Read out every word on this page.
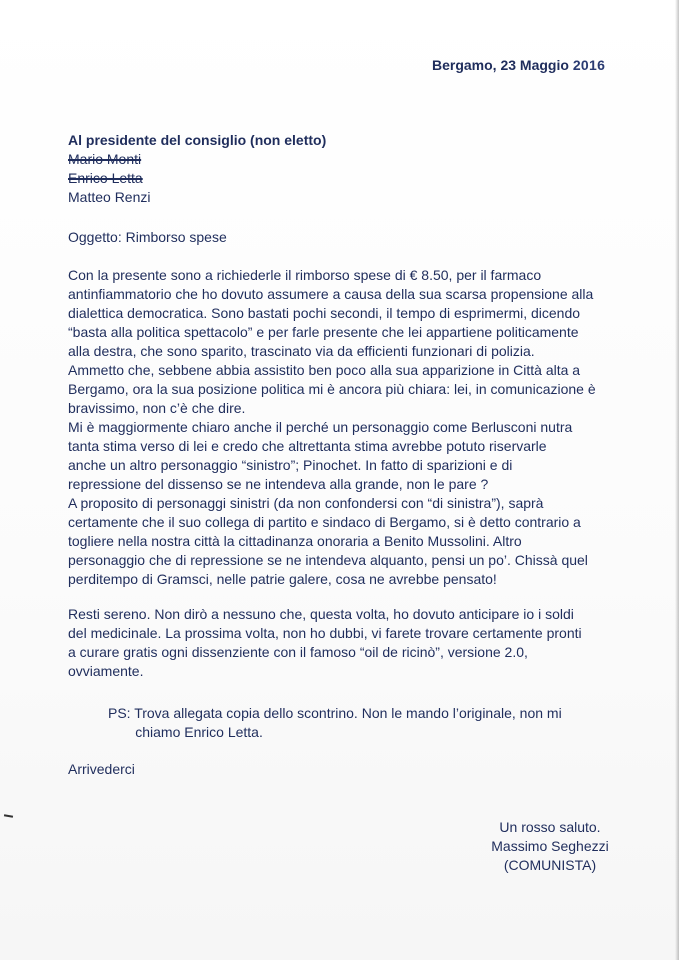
Bergamo, 23 Maggio 2016
Al presidente del consiglio (non eletto)
Mario Monti
Enrico Letta
Matteo Renzi
Oggetto: Rimborso spese
Con la presente sono a richiederle il rimborso spese di € 8.50, per il farmaco
antinfiammatorio che ho dovuto assumere a causa della sua scarsa propensione alla
dialettica democratica. Sono bastati pochi secondi, il tempo di esprimermi, dicendo
“basta alla politica spettacolo” e per farle presente che lei appartiene politicamente
alla destra, che sono sparito, trascinato via da efficienti funzionari di polizia.
Ammetto che, sebbene abbia assistito ben poco alla sua apparizione in Città alta a
Bergamo, ora la sua posizione politica mi è ancora più chiara: lei, in comunicazione è
bravissimo, non c’è che dire.
Mi è maggiormente chiaro anche il perché un personaggio come Berlusconi nutra
tanta stima verso di lei e credo che altrettanta stima avrebbe potuto riservarle
anche un altro personaggio “sinistro”; Pinochet. In fatto di sparizioni e di
repressione del dissenso se ne intendeva alla grande, non le pare ?
A proposito di personaggi sinistri (da non confondersi con “di sinistra”), saprà
certamente che il suo collega di partito e sindaco di Bergamo, si è detto contrario a
togliere nella nostra città la cittadinanza onoraria a Benito Mussolini. Altro
personaggio che di repressione se ne intendeva alquanto, pensi un po’. Chissà quel
perditempo di Gramsci, nelle patrie galere, cosa ne avrebbe pensato!
Resti sereno. Non dirò a nessuno che, questa volta, ho dovuto anticipare io i soldi
del medicinale. La prossima volta, non ho dubbi, vi farete trovare certamente pronti
a curare gratis ogni dissenziente con il famoso “oil de ricinò”, versione 2.0,
ovviamente.
PS: Trova allegata copia dello scontrino. Non le mando l’originale, non mi
chiamo Enrico Letta.
Arrivederci
Un rosso saluto.
Massimo Seghezzi
(COMUNISTA)
